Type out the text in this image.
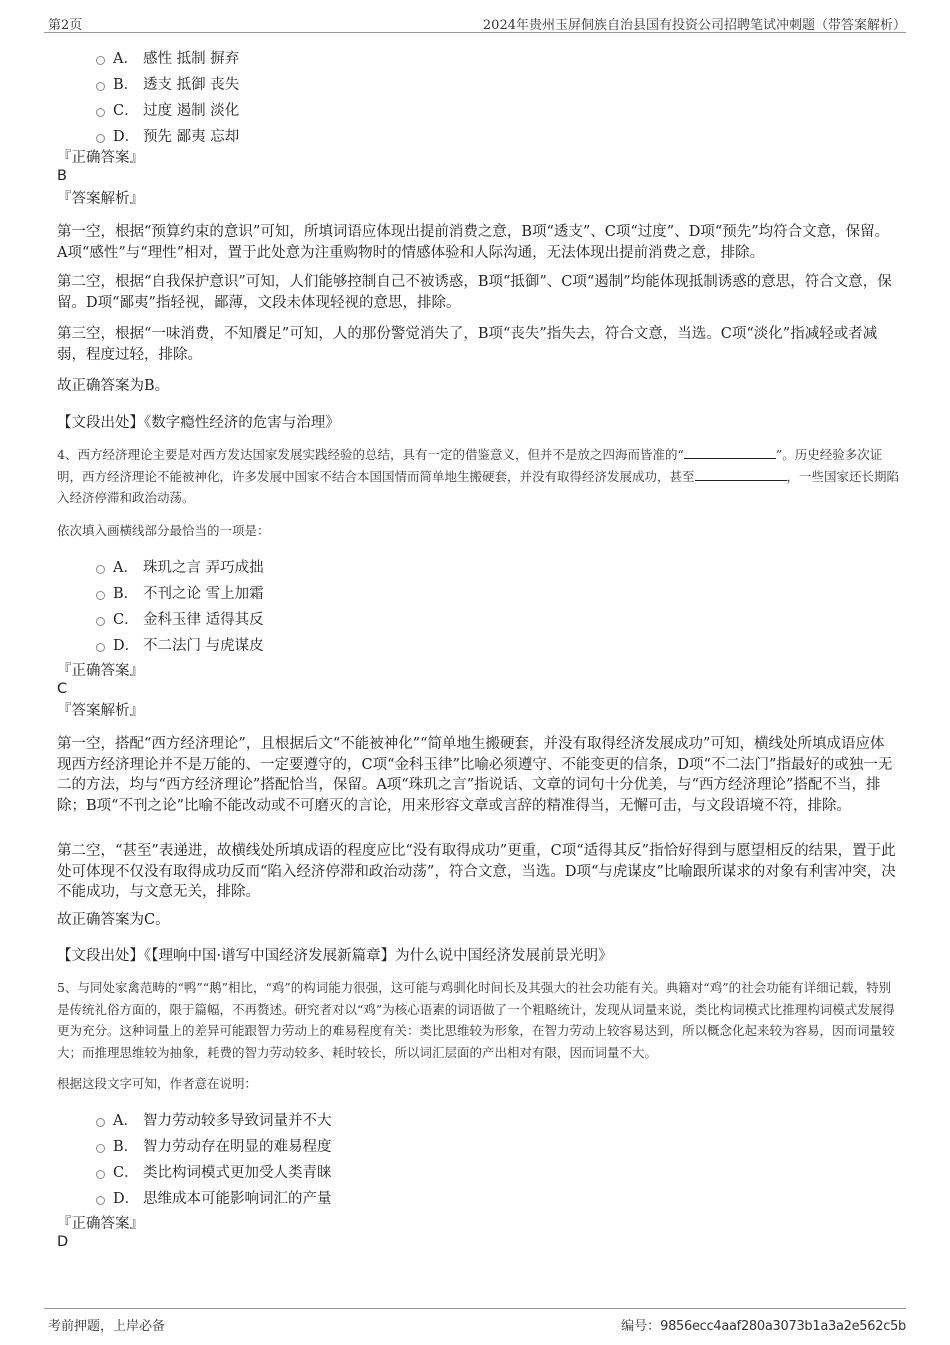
第2页	2024年贵州玉屏侗族自治县国有投资公司招聘笔试冲刺题（带答案解析）
A． 感性 抵制 摒弃
B． 透支 抵御 丧失
C． 过度 遏制 淡化
D． 预先 鄙夷 忘却
『正确答案』
B
『答案解析』

第一空，根据“预算约束的意识”可知，所填词语应体现出提前消费之意，B项“透支”、C项“过度”、D项“预先”均符合文意，保留。A项“感性”与“理性”相对，置于此处意为注重购物时的情感体验和人际沟通，无法体现出提前消费之意，排除。

第二空，根据“自我保护意识”可知，人们能够控制自己不被诱惑，B项“抵御”、C项“遏制”均能体现抵制诱惑的意思，符合文意，保留。D项“鄙夷”指轻视，鄙薄，文段未体现轻视的意思，排除。

第三空，根据“一味消费，不知餍足”可知，人的那份警觉消失了，B项“丧失”指失去，符合文意，当选。C项“淡化”指减轻或者减弱，程度过轻，排除。

故正确答案为B。

【文段出处】《数字瘾性经济的危害与治理》

4、西方经济理论主要是对西方发达国家发展实践经验的总结，具有一定的借鉴意义，但并不是放之四海而皆准的“	”。历史经验多次证明，西方经济理论不能被神化，许多发展中国家不结合本国国情而简单地生搬硬套，并没有取得经济发展成功，甚至	，一些国家还长期陷入经济停滞和政治动荡。

依次填入画横线部分最恰当的一项是：

A． 珠玑之言 弄巧成拙
B． 不刊之论 雪上加霜
C． 金科玉律 适得其反
D． 不二法门 与虎谋皮
『正确答案』
C
『答案解析』

第一空，搭配“西方经济理论”，且根据后文“不能被神化”“简单地生搬硬套，并没有取得经济发展成功”可知，横线处所填成语应体现西方经济理论并不是万能的、一定要遵守的，C项“金科玉律”比喻必须遵守、不能变更的信条，D项“不二法门”指最好的或独一无二的方法，均与“西方经济理论”搭配恰当，保留。A项“珠玑之言”指说话、文章的词句十分优美，与“西方经济理论”搭配不当，排除；B项“不刊之论”比喻不能改动或不可磨灭的言论，用来形容文章或言辞的精准得当，无懈可击，与文段语境不符，排除。

第二空，“甚至”表递进，故横线处所填成语的程度应比“没有取得成功”更重，C项“适得其反”指恰好得到与愿望相反的结果，置于此处可体现不仅没有取得成功反而“陷入经济停滞和政治动荡”，符合文意，当选。D项“与虎谋皮”比喻跟所谋求的对象有利害冲突，决不能成功，与文意无关，排除。

故正确答案为C。

【文段出处】《【理响中国·谱写中国经济发展新篇章】为什么说中国经济发展前景光明》

5、与同处家禽范畴的“鸭”“鹅”相比，“鸡”的构词能力很强，这可能与鸡驯化时间长及其强大的社会功能有关。典籍对“鸡”的社会功能有详细记载，特别是传统礼俗方面的，限于篇幅，不再赘述。研究者对以“鸡”为核心语素的词语做了一个粗略统计，发现从词量来说，类比构词模式比推理构词模式发展得更为充分。这种词量上的差异可能跟智力劳动上的难易程度有关：类比思维较为形象，在智力劳动上较容易达到，所以概念化起来较为容易，因而词量较大；而推理思维较为抽象，耗费的智力劳动较多、耗时较长，所以词汇层面的产出相对有限，因而词量不大。

根据这段文字可知，作者意在说明：

A． 智力劳动较多导致词量并不大
B． 智力劳动存在明显的难易程度
C． 类比构词模式更加受人类青睐
D． 思维成本可能影响词汇的产量
『正确答案』
D
考前押题，上岸必备	编号：9856ecc4aaf280a3073b1a3a2e562c5b
